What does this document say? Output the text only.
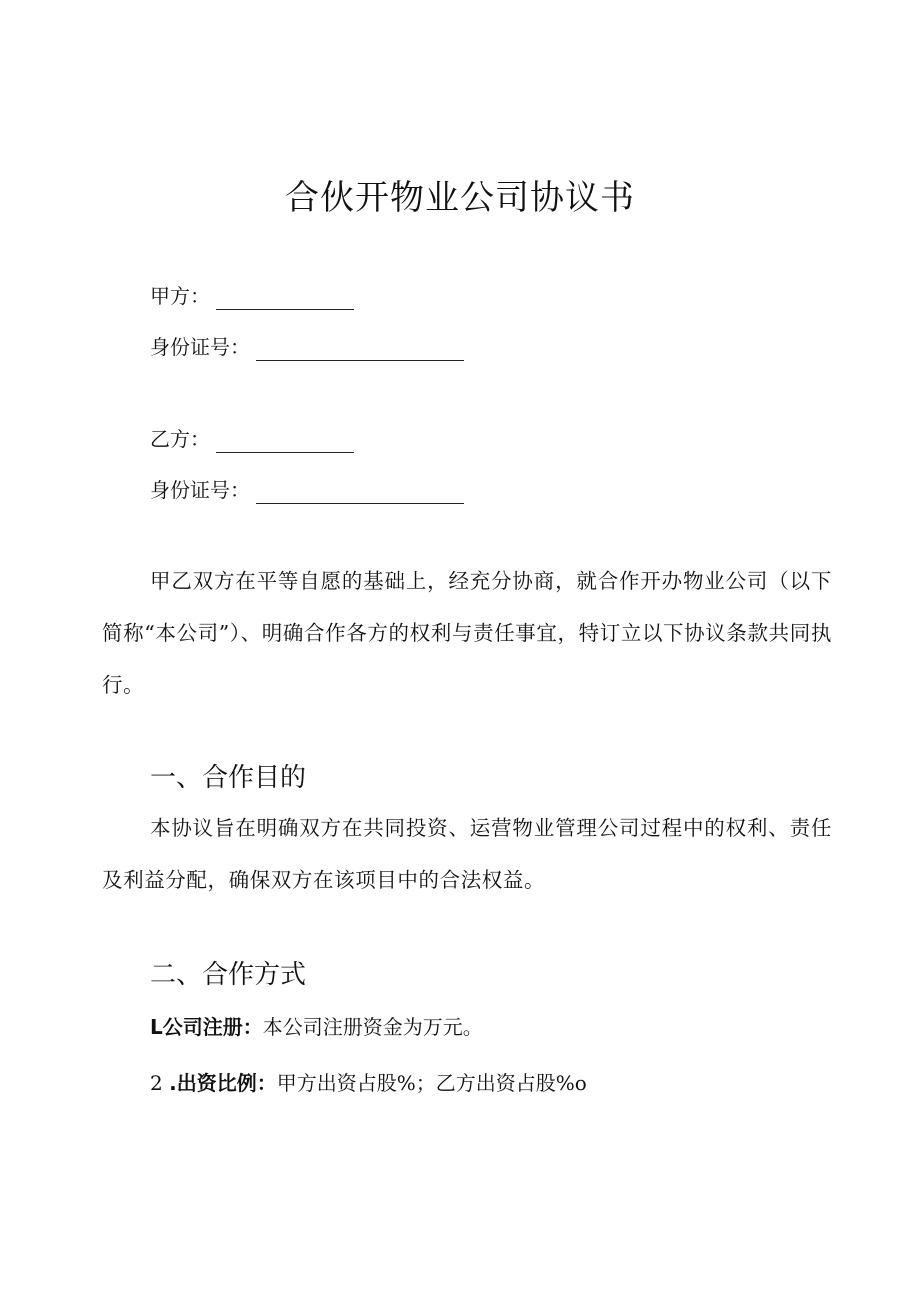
合伙开物业公司协议书
甲方：
身份证号：
乙方：
身份证号：

甲乙双方在平等自愿的基础上，经充分协商，就合作开办物业公司（以下简称“本公司”）、明确合作各方的权利与责任事宜，特订立以下协议条款共同执行。

一、合作目的

本协议旨在明确双方在共同投资、运营物业管理公司过程中的权利、责任及利益分配，确保双方在该项目中的合法权益。

二、合作方式
L公司注册：本公司注册资金为万元。
2 .出资比例：甲方出资占股%；乙方出资占股%o
